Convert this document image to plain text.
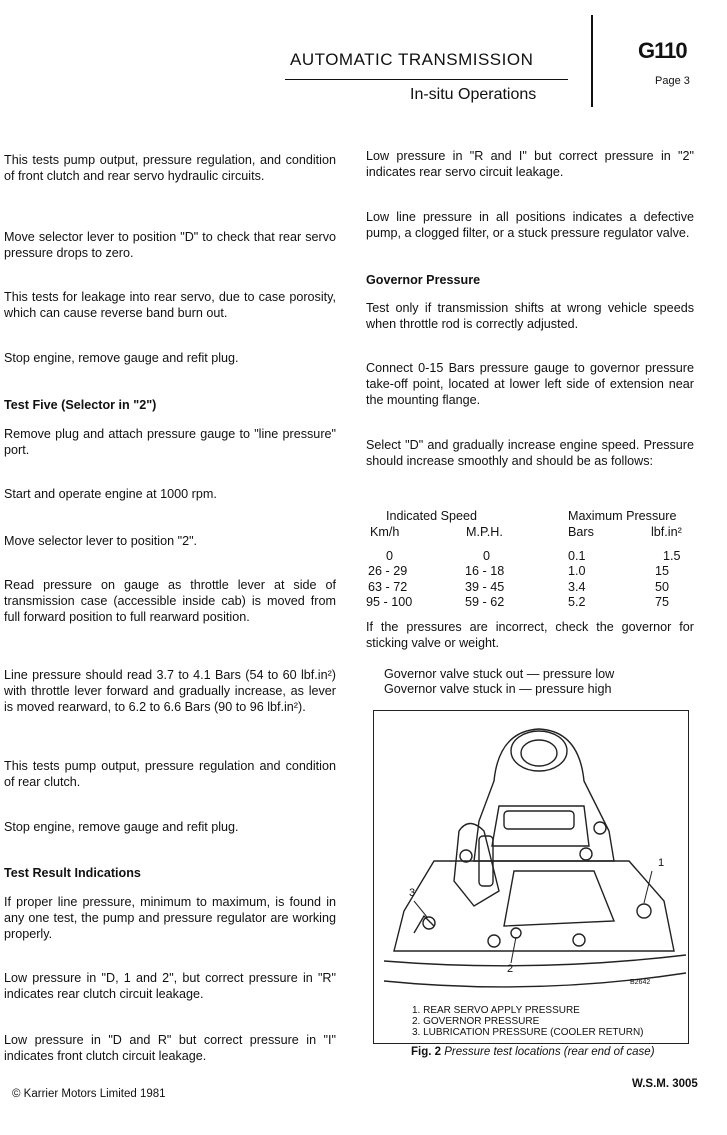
AUTOMATIC TRANSMISSION
In-situ Operations
G110
Page 3
This tests pump output, pressure regulation, and condition of front clutch and rear servo hydraulic circuits.
Move selector lever to position "D" to check that rear servo pressure drops to zero.
This tests for leakage into rear servo, due to case porosity, which can cause reverse band burn out.
Stop engine, remove gauge and refit plug.
Test Five (Selector in "2")
Remove plug and attach pressure gauge to "line pressure" port.
Start and operate engine at 1000 rpm.
Move selector lever to position "2".
Read pressure on gauge as throttle lever at side of transmission case (accessible inside cab) is moved from full forward position to full rearward position.
Line pressure should read 3.7 to 4.1 Bars (54 to 60 lbf.in²) with throttle lever forward and gradually increase, as lever is moved rearward, to 6.2 to 6.6 Bars (90 to 96 lbf.in²).
This tests pump output, pressure regulation and condition of rear clutch.
Stop engine, remove gauge and refit plug.
Test Result Indications
If proper line pressure, minimum to maximum, is found in any one test, the pump and pressure regulator are working properly.
Low pressure in "D, 1 and 2", but correct pressure in "R" indicates rear clutch circuit leakage.
Low pressure in "D and R" but correct pressure in "I" indicates front clutch circuit leakage.
Low pressure in "R and I" but correct pressure in "2" indicates rear servo circuit leakage.
Low line pressure in all positions indicates a defective pump, a clogged filter, or a stuck pressure regulator valve.
Governor Pressure
Test only if transmission shifts at wrong vehicle speeds when throttle rod is correctly adjusted.
Connect 0-15 Bars pressure gauge to governor pressure take-off point, located at lower left side of extension near the mounting flange.
Select "D" and gradually increase engine speed. Pressure should increase smoothly and should be as follows:
Indicated Speed	Maximum Pressure
Km/h	M.P.H.	Bars	lbf.in²
0	0	0.1	1.5
26 - 29	16 - 18	1.0	15
63 - 72	39 - 45	3.4	50
95 - 100	59 - 62	5.2	75
If the pressures are incorrect, check the governor for sticking valve or weight.
Governor valve stuck out — pressure low
Governor valve stuck in — pressure high
1
2
3
B2642
1. REAR SERVO APPLY PRESSURE
2. GOVERNOR PRESSURE
3. LUBRICATION PRESSURE (COOLER RETURN)
Fig. 2 Pressure test locations (rear end of case)
© Karrier Motors Limited 1981
W.S.M. 3005
